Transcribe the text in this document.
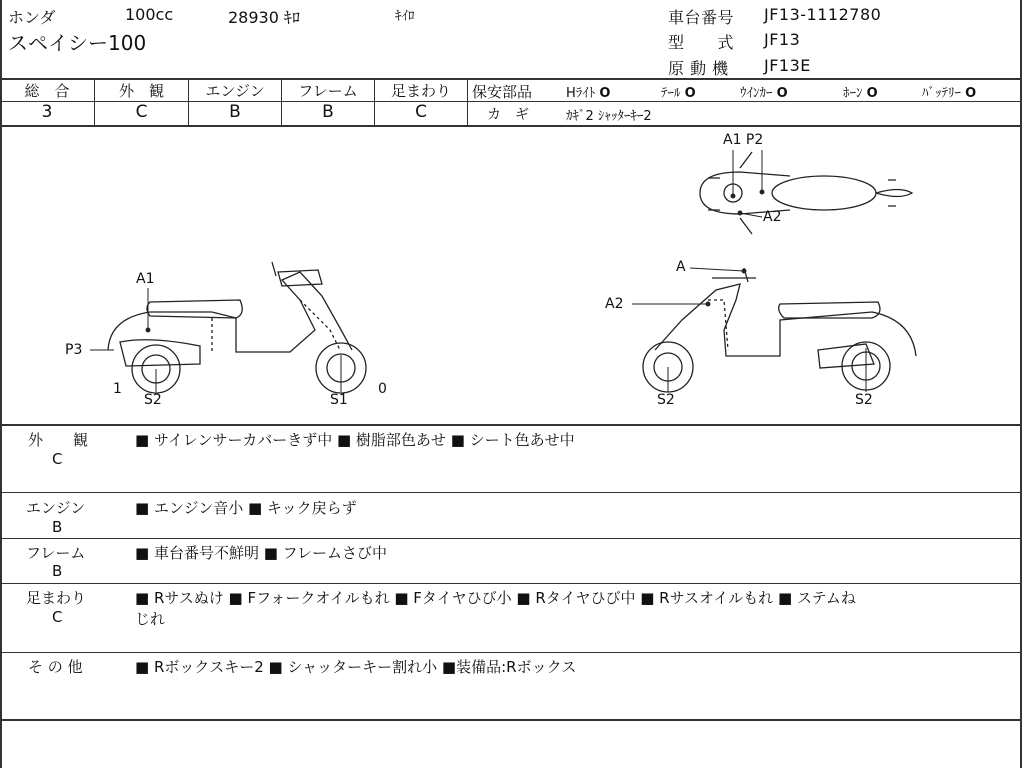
ホンダ	100cc	28930 ｷﾛ	ｷｲﾛ
スペイシー100
車台番号 JF13-1112780
型　　式 JF13
原 動 機 JF13E
総　合	外　観	エンジン	フレーム	足まわり
3	C	B	B	C
保安部品	Hﾗｲﾄ O	ﾃｰﾙ O	ｳｲﾝｶｰ O	ﾎｰﾝ O	ﾊﾞｯﾃﾘｰ O
カ　ギ	ｶｷﾞ2 ｼｬｯﾀｰｷｰ2
A1
P3
1
S2	S1
0
A
A2
S2	S2
A1 P2
A2
外　　観
C
■ サイレンサーカバーきず中 ■ 樹脂部色あせ ■ シート色あせ中
エンジン
B
■ エンジン音小 ■ キック戻らず
フレーム
B
■ 車台番号不鮮明 ■ フレームさび中
足まわり
C
■ Rサスぬけ ■ Fフォークオイルもれ ■ Fタイヤひび小 ■ Rタイヤひび中 ■ Rサスオイルもれ ■ ステムね
じれ
そ の 他	■ Rボックスキー2 ■ シャッターキー割れ小 ■装備品:Rボックス
